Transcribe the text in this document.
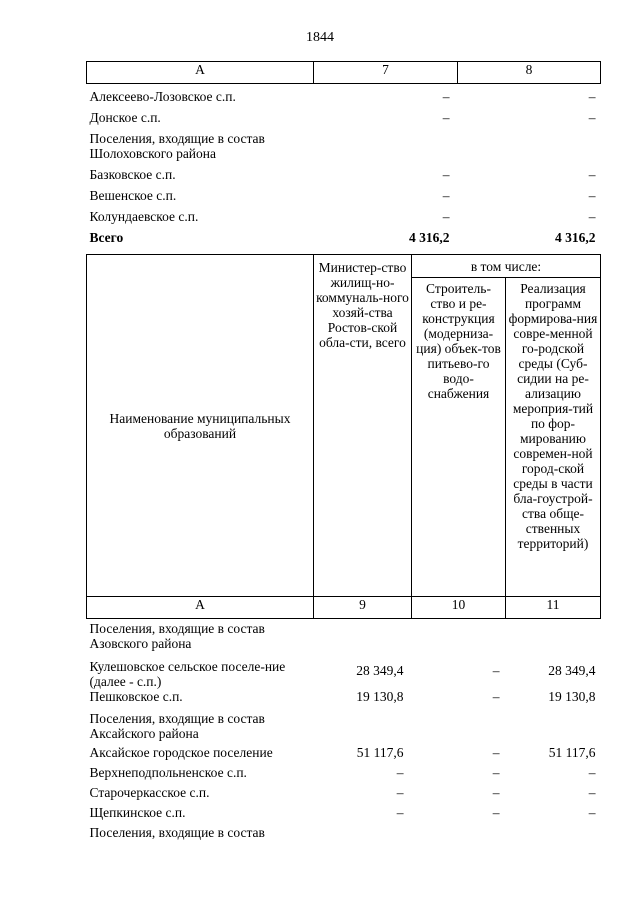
1844
А	7	8
Алексеево-Лозовское с.п.	–	–
Донское с.п.	–	–
Поселения, входящие в состав Шолоховского района		
Базковское с.п.	–	–
Вешенское с.п.	–	–
Колундаевское с.п.	–	–
Всего	4 316,2	4 316,2
Наименование муниципальных образований	Министер-ство жилищ-но-коммуналь-ного хозяй-ства Ростов-ской обла-сти, всего	в том числе:	
		Строитель-ство и ре-конструкция (модерниза-ция) объек-тов питьево-го водо-снабжения	Реализация программ формирова-ния совре-менной го-родской среды (Суб-сидии на ре-ализацию мероприя-тий по фор-мированию современ-ной город-ской среды в части бла-гоустрой-ства обще-ственных территорий)
А	9	10	11
Поселения, входящие в состав Азовского района			
Кулешовское сельское поселе-ние (далее - с.п.)	28 349,4	–	28 349,4
Пешковское с.п.	19 130,8	–	19 130,8
Поселения, входящие в состав Аксайского района			
Аксайское городское поселение	51 117,6	–	51 117,6
Верхнеподпольненское с.п.	–	–	–
Старочеркасское с.п.	–	–	–
Щепкинское с.п.	–	–	–
Поселения, входящие в состав			
